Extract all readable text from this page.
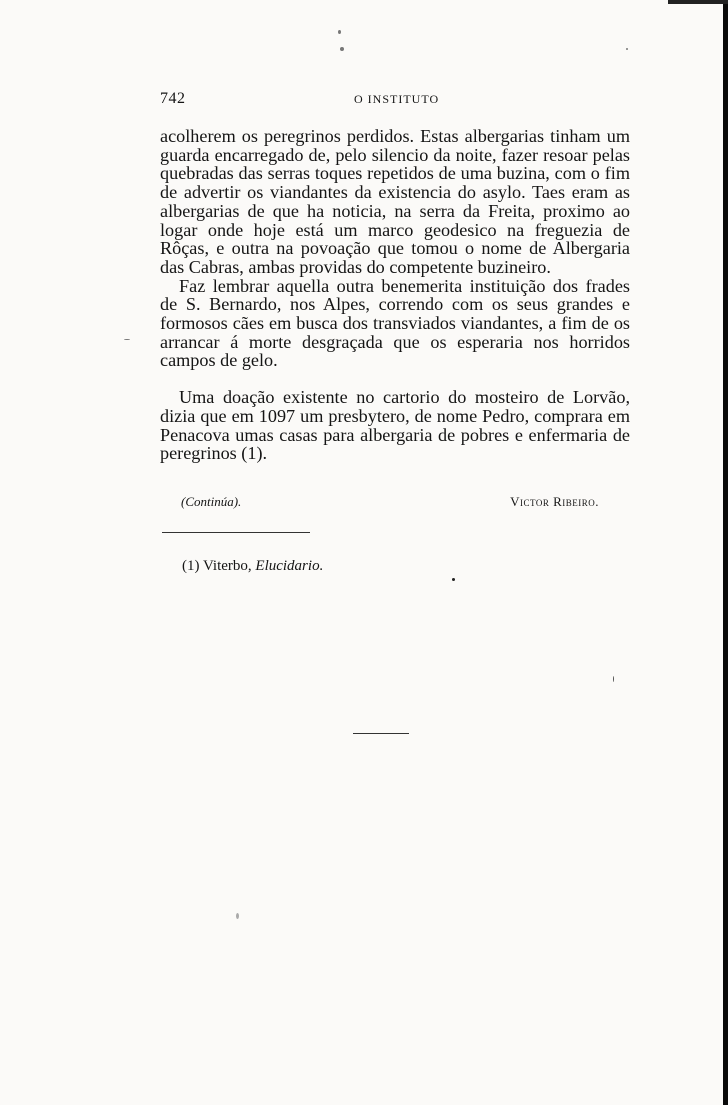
742	O INSTITUTO

acolherem os peregrinos perdidos. Estas albergarias tinham um guarda encarregado de, pelo silencio da noite, fazer resoar pelas quebradas das serras toques repetidos de uma buzina, com o fim de advertir os viandantes da existencia do asylo. Taes eram as albergarias de que ha noticia, na serra da Freita, proximo ao logar onde hoje está um marco geodesico na freguezia de Rôças, e outra na povoação que tomou o nome de Albergaria das Cabras, ambas providas do competente buzineiro.

Faz lembrar aquella outra benemerita instituição dos frades de S. Bernardo, nos Alpes, correndo com os seus grandes e formosos cães em busca dos transviados viandantes, a fim de os arrancar á morte desgraçada que os esperaria nos horridos campos de gelo.

Uma doação existente no cartorio do mosteiro de Lorvão, dizia que em 1097 um presbytero, de nome Pedro, comprara em Penacova umas casas para albergaria de pobres e enfermaria de peregrinos (1).

(Continúa).	Victor Ribeiro.
(1) Viterbo, Elucidario.
